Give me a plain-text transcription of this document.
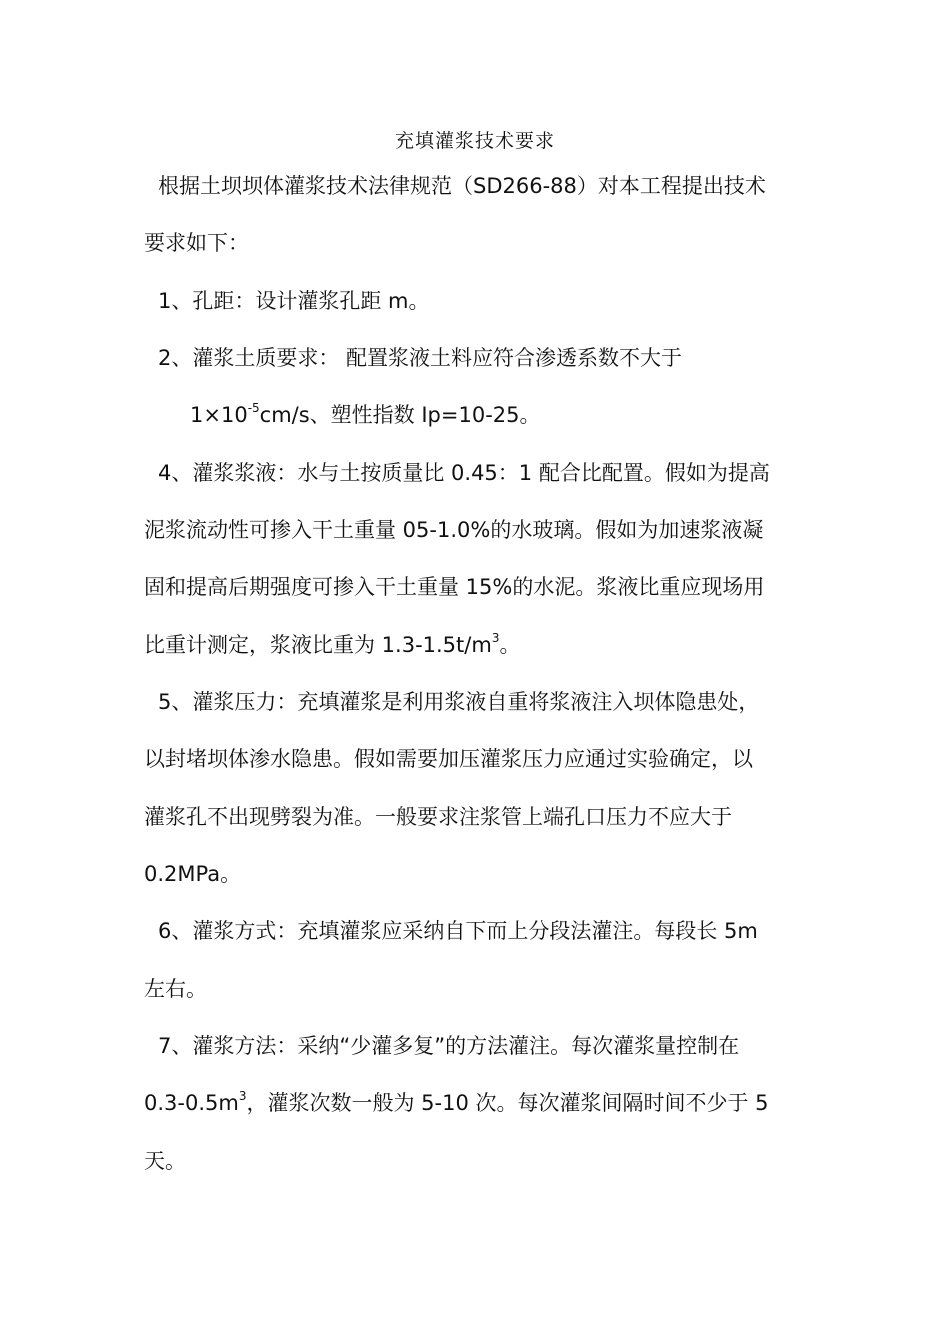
充填灌浆技术要求
根据土坝坝体灌浆技术法律规范（SD266-88）对本工程提出技术
要求如下：
1、孔距：设计灌浆孔距 m。
2、灌浆土质要求： 配置浆液土料应符合渗透系数不大于
$1\times 10^{-5}cm/s$、塑性指数 Ip=10-25。
4、灌浆浆液：水与土按质量比 0.45：1 配合比配置。假如为提高
泥浆流动性可掺入干土重量 05-1.0%的水玻璃。假如为加速浆液凝
固和提高后期强度可掺入干土重量 15%的水泥。浆液比重应现场用
比重计测定，浆液比重为 $1.3-1.5t/m^3$。
5、灌浆压力：充填灌浆是利用浆液自重将浆液注入坝体隐患处，
以封堵坝体渗水隐患。假如需要加压灌浆压力应通过实验确定，以
灌浆孔不出现劈裂为准。一般要求注浆管上端孔口压力不应大于
0.2MPa。
6、灌浆方式：充填灌浆应采纳自下而上分段法灌注。每段长 5m
左右。
7、灌浆方法：采纳“少灌多复”的方法灌注。每次灌浆量控制在
$0.3-0.5m^3$，灌浆次数一般为 5-10 次。每次灌浆间隔时间不少于 5
天。
